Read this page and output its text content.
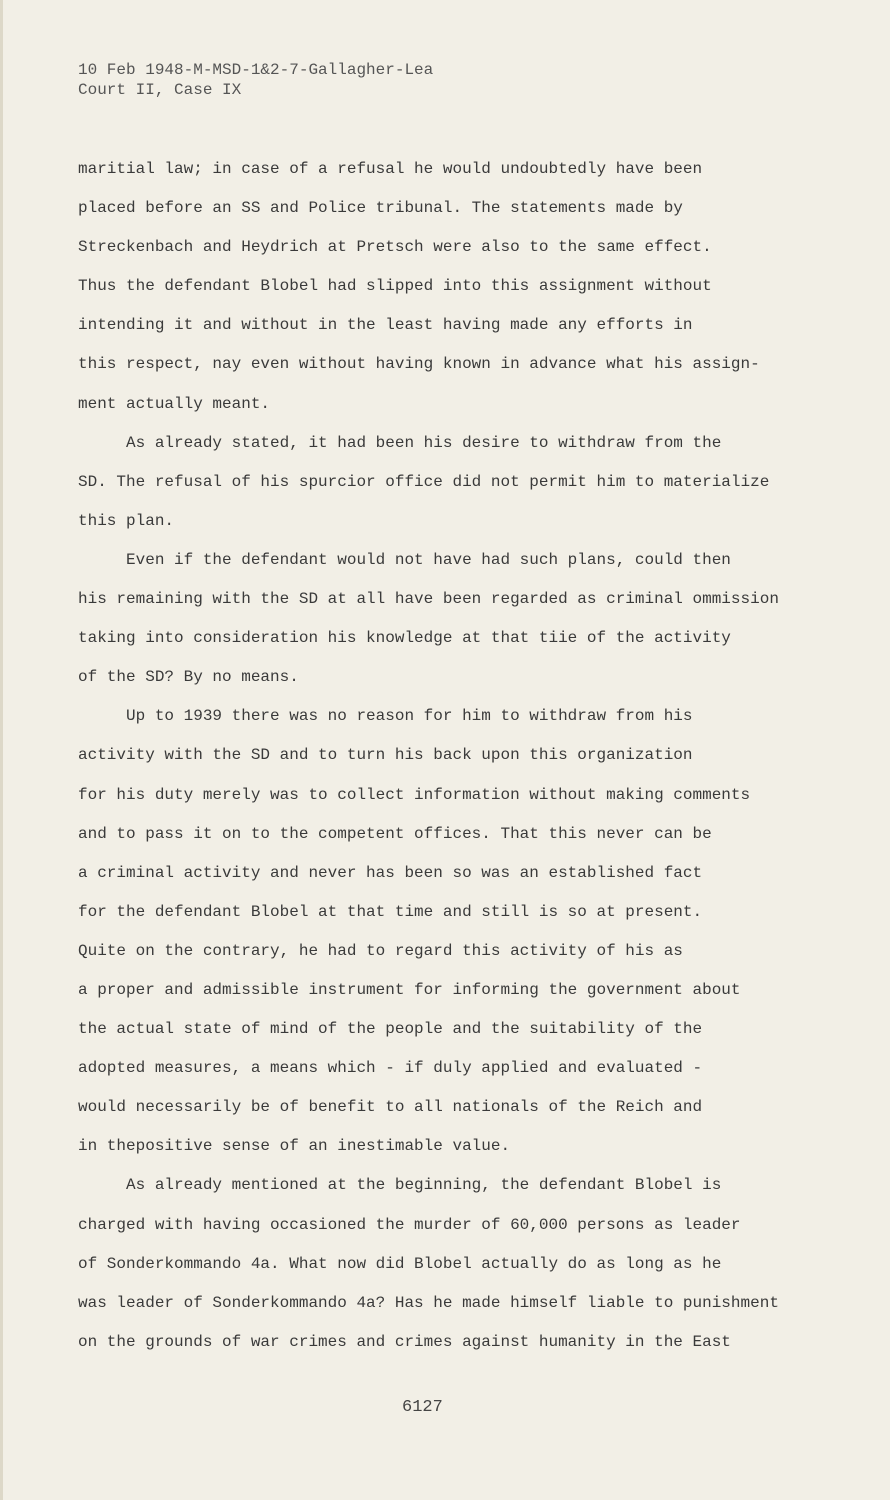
10 Feb 1948-M-MSD-1&2-7-Gallagher-Lea
Court II, Case IX
maritial law; in case of a refusal he would undoubtedly have been
placed before an SS and Police tribunal. The statements made by
Streckenbach and Heydrich at Pretsch were also to the same effect.
Thus the defendant Blobel had slipped into this assignment without
intending it and without in the least having made any efforts in
this respect, nay even without having known in advance what his assign-
ment actually meant.
As already stated, it had been his desire to withdraw from the
SD. The refusal of his spurcior office did not permit him to materialize
this plan.
Even if the defendant would not have had such plans, could then
his remaining with the SD at all have been regarded as criminal ommission
taking into consideration his knowledge at that tiie of the activity
of the SD? By no means.
Up to 1939 there was no reason for him to withdraw from his
activity with the SD and to turn his back upon this organization
for his duty merely was to collect information without making comments
and to pass it on to the competent offices. That this never can be
a criminal activity and never has been so was an established fact
for the defendant Blobel at that time and still is so at present.
Quite on the contrary, he had to regard this activity of his as
a proper and admissible instrument for informing the government about
the actual state of mind of the people and the suitability of the
adopted measures, a means which - if duly applied and evaluated -
would necessarily be of benefit to all nationals of the Reich and
in thepositive sense of an inestimable value.
As already mentioned at the beginning, the defendant Blobel is
charged with having occasioned the murder of 60,000 persons as leader
of Sonderkommando 4a. What now did Blobel actually do as long as he
was leader of Sonderkommando 4a? Has he made himself liable to punishment
on the grounds of war crimes and crimes against humanity in the East
6127
